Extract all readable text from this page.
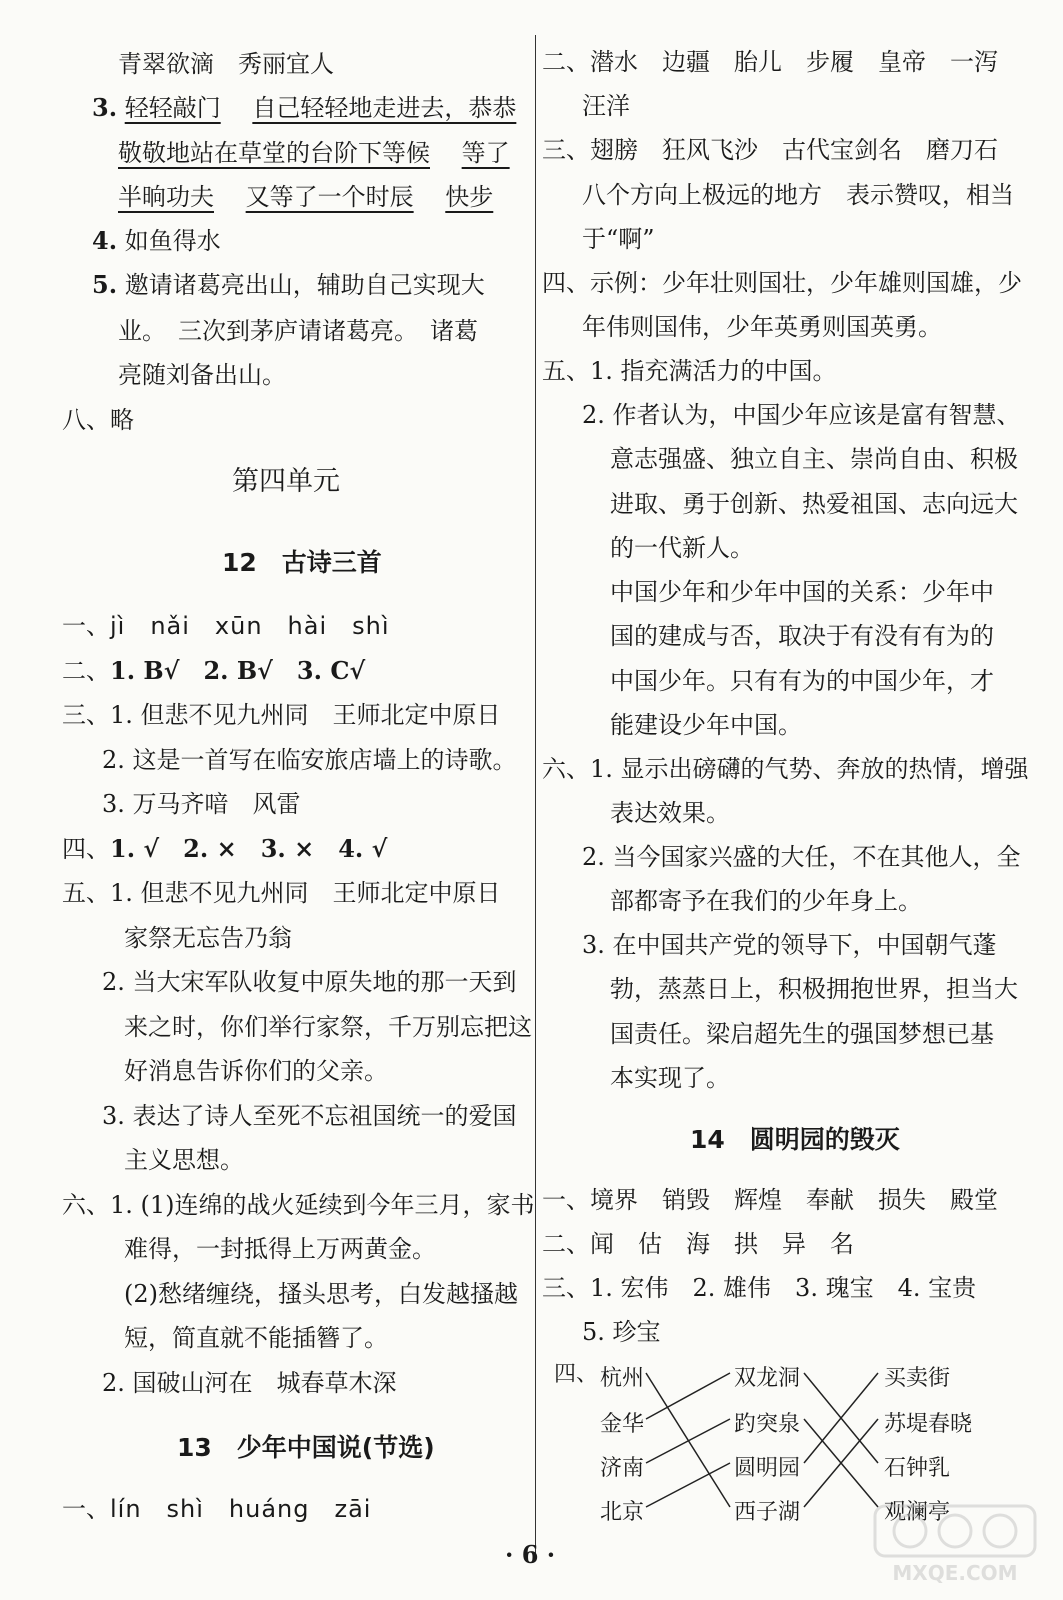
青翠欲滴　秀丽宜人
3. 轻轻敲门　 自己轻轻地走进去，恭恭
敬敬地站在草堂的台阶下等候　 等了
半晌功夫　 又等了一个时辰　 快步
4. 如鱼得水
5. 邀请诸葛亮出山，辅助自己实现大
业。　三次到茅庐请诸葛亮。　诸葛
亮随刘备出山。
八、略
第四单元
12　古诗三首
一、jì　nǎi　xūn　hài　shì
二、1. B√　2. B√　3. C√
三、1. 但悲不见九州同　王师北定中原日
2. 这是一首写在临安旅店墙上的诗歌。
3. 万马齐喑　风雷
四、1. √　2. ×　3. ×　4. √
五、1. 但悲不见九州同　王师北定中原日
家祭无忘告乃翁
2. 当大宋军队收复中原失地的那一天到
来之时，你们举行家祭，千万别忘把这
好消息告诉你们的父亲。
3. 表达了诗人至死不忘祖国统一的爱国
主义思想。
六、1. (1)连绵的战火延续到今年三月，家书
难得，一封抵得上万两黄金。
(2)愁绪缠绕，搔头思考，白发越搔越
短，简直就不能插簪了。
2. 国破山河在　城春草木深
13　少年中国说(节选)
一、lín　shì　huáng　zāi
二、潜水　边疆　胎儿　步履　皇帝　一泻
汪洋
三、翅膀　狂风飞沙　古代宝剑名　磨刀石
八个方向上极远的地方　表示赞叹，相当
于“啊”
四、示例：少年壮则国壮，少年雄则国雄，少
年伟则国伟，少年英勇则国英勇。
五、1. 指充满活力的中国。
2. 作者认为，中国少年应该是富有智慧、
意志强盛、独立自主、崇尚自由、积极
进取、勇于创新、热爱祖国、志向远大
的一代新人。
中国少年和少年中国的关系：少年中
国的建成与否，取决于有没有有为的
中国少年。只有有为的中国少年，才
能建设少年中国。
六、1. 显示出磅礴的气势、奔放的热情，增强
表达效果。
2. 当今国家兴盛的大任，不在其他人，全
部都寄予在我们的少年身上。
3. 在中国共产党的领导下，中国朝气蓬
勃，蒸蒸日上，积极拥抱世界，担当大
国责任。梁启超先生的强国梦想已基
本实现了。
14　圆明园的毁灭
一、境界　销毁　辉煌　奉献　损失　殿堂
二、闻　估　海　拱　异　名
三、1. 宏伟　2. 雄伟　3. 瑰宝　4. 宝贵
5. 珍宝
四、 杭州
金华
济南
北京
双龙洞
趵突泉
圆明园
西子湖
买卖街
苏堤春晓
石钟乳
观澜亭
· 6 ·
MXQE.COM
